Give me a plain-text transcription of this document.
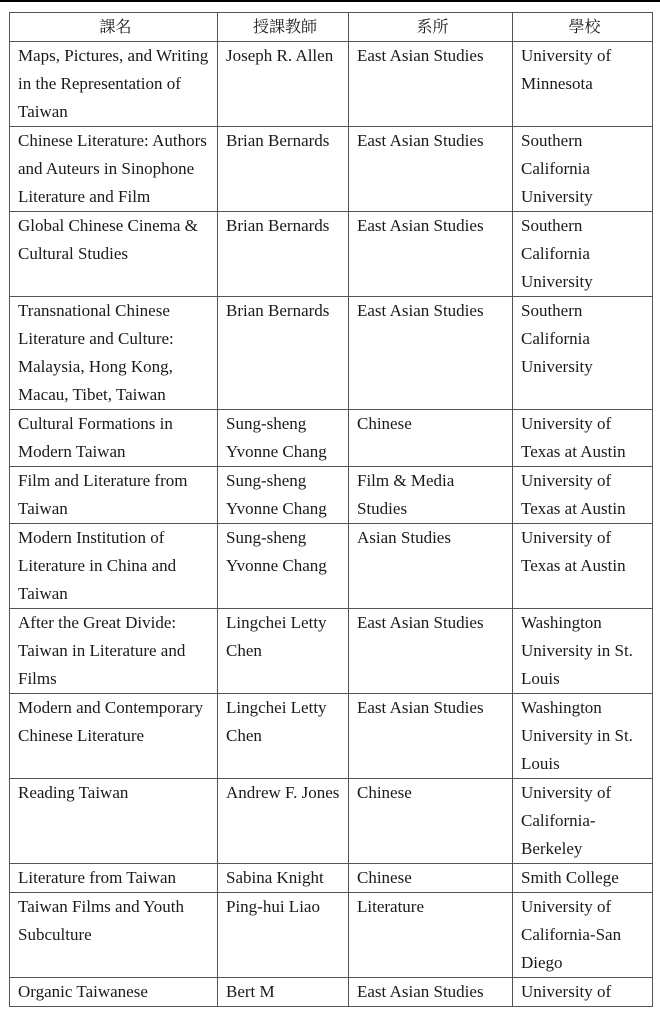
課名	授課教師	系所	學校
Maps, Pictures, and Writing in the Representation of Taiwan	Joseph R. Allen	East Asian Studies	University of Minnesota
Chinese Literature: Authors and Auteurs in Sinophone Literature and Film	Brian Bernards	East Asian Studies	Southern California University
Global Chinese Cinema & Cultural Studies	Brian Bernards	East Asian Studies	Southern California University
Transnational Chinese Literature and Culture: Malaysia, Hong Kong, Macau, Tibet, Taiwan	Brian Bernards	East Asian Studies	Southern California University
Cultural Formations in Modern Taiwan	Sung-sheng Yvonne Chang	Chinese	University of Texas at Austin
Film and Literature from Taiwan	Sung-sheng Yvonne Chang	Film & Media Studies	University of Texas at Austin
Modern Institution of Literature in China and Taiwan	Sung-sheng Yvonne Chang	Asian Studies	University of Texas at Austin
After the Great Divide: Taiwan in Literature and Films	Lingchei Letty Chen	East Asian Studies	Washington University in St. Louis
Modern and Contemporary Chinese Literature	Lingchei Letty Chen	East Asian Studies	Washington University in St. Louis
Reading Taiwan	Andrew F. Jones	Chinese	University of California-Berkeley
Literature from Taiwan	Sabina Knight	Chinese	Smith College
Taiwan Films and Youth Subculture	Ping-hui Liao	Literature	University of California-San Diego
Organic Taiwanese	Bert M	East Asian Studies	University of
